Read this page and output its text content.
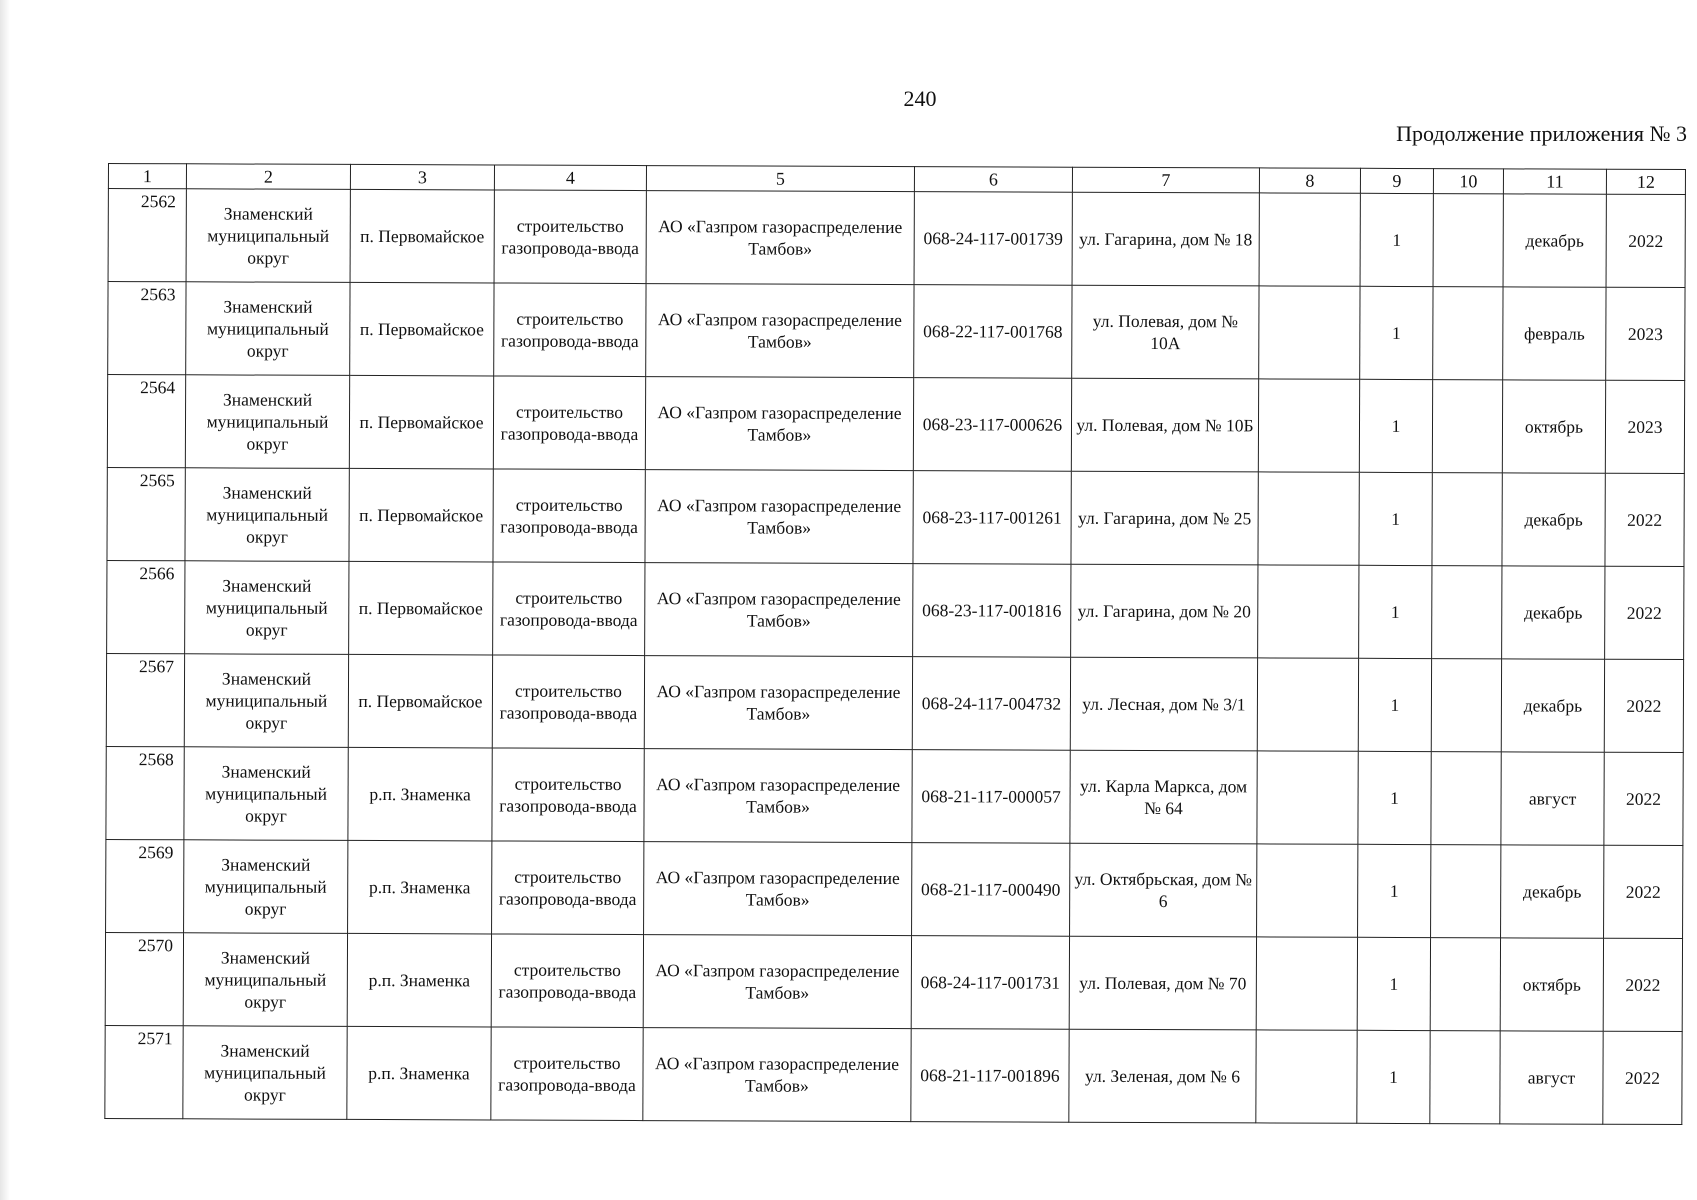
240
Продолжение приложения № 3
1	2	3	4	5	6	7	8	9	10	11	12
2562	Знаменский муниципальный округ	п. Первомайское	строительство газопровода-ввода	АО «Газпром газораспределение Тамбов»	068-24-117-001739	ул. Гагарина, дом № 18		1		декабрь	2022
2563	Знаменский муниципальный округ	п. Первомайское	строительство газопровода-ввода	АО «Газпром газораспределение Тамбов»	068-22-117-001768	ул. Полевая, дом № 10А		1		февраль	2023
2564	Знаменский муниципальный округ	п. Первомайское	строительство газопровода-ввода	АО «Газпром газораспределение Тамбов»	068-23-117-000626	ул. Полевая, дом № 10Б		1		октябрь	2023
2565	Знаменский муниципальный округ	п. Первомайское	строительство газопровода-ввода	АО «Газпром газораспределение Тамбов»	068-23-117-001261	ул. Гагарина, дом № 25		1		декабрь	2022
2566	Знаменский муниципальный округ	п. Первомайское	строительство газопровода-ввода	АО «Газпром газораспределение Тамбов»	068-23-117-001816	ул. Гагарина, дом № 20		1		декабрь	2022
2567	Знаменский муниципальный округ	п. Первомайское	строительство газопровода-ввода	АО «Газпром газораспределение Тамбов»	068-24-117-004732	ул. Лесная, дом № 3/1		1		декабрь	2022
2568	Знаменский муниципальный округ	р.п. Знаменка	строительство газопровода-ввода	АО «Газпром газораспределение Тамбов»	068-21-117-000057	ул. Карла Маркса, дом № 64		1		август	2022
2569	Знаменский муниципальный округ	р.п. Знаменка	строительство газопровода-ввода	АО «Газпром газораспределение Тамбов»	068-21-117-000490	ул. Октябрьская, дом № 6		1		декабрь	2022
2570	Знаменский муниципальный округ	р.п. Знаменка	строительство газопровода-ввода	АО «Газпром газораспределение Тамбов»	068-24-117-001731	ул. Полевая, дом № 70		1		октябрь	2022
2571	Знаменский муниципальный округ	р.п. Знаменка	строительство газопровода-ввода	АО «Газпром газораспределение Тамбов»	068-21-117-001896	ул. Зеленая, дом № 6		1		август	2022
